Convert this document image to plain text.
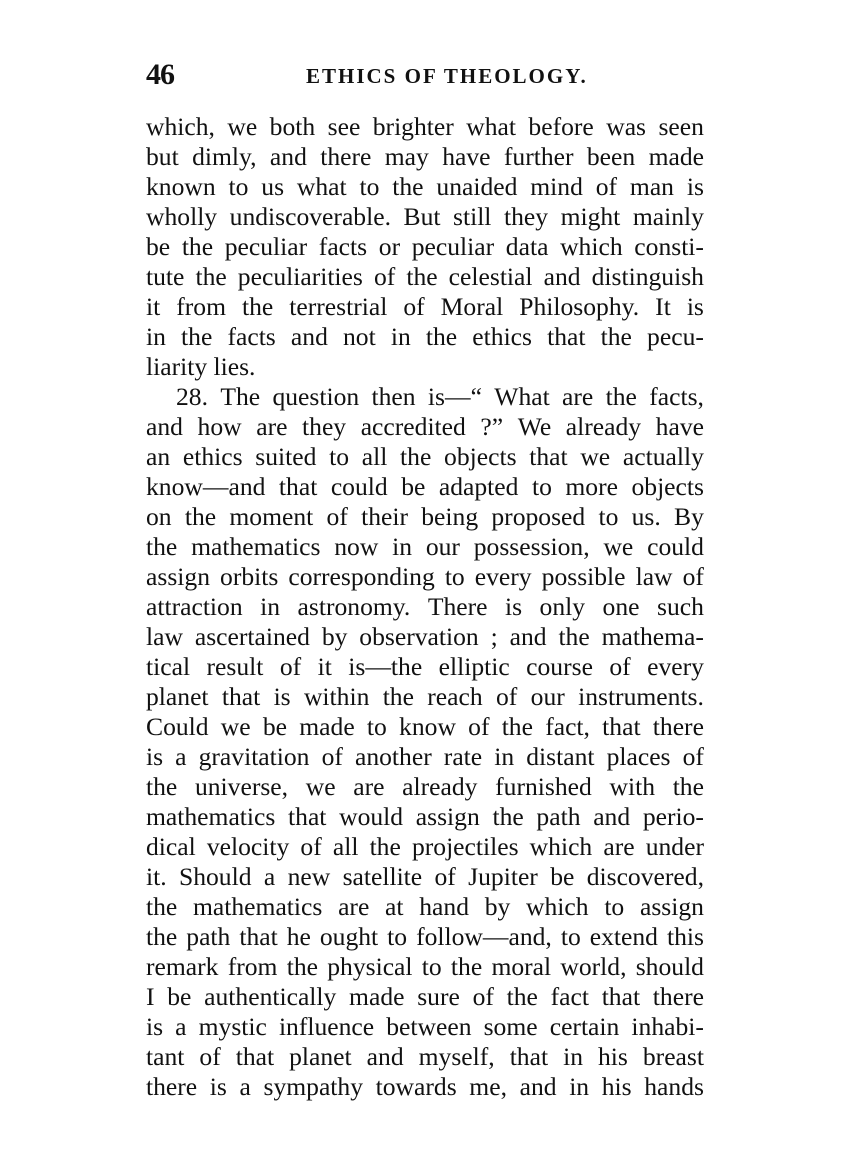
46	ETHICS OF THEOLOGY.
which, we both see brighter what before was seen
but dimly, and there may have further been made
known to us what to the unaided mind of man is
wholly undiscoverable. But still they might mainly
be the peculiar facts or peculiar data which consti-
tute the peculiarities of the celestial and distinguish
it from the terrestrial of Moral Philosophy. It is
in the facts and not in the ethics that the pecu-
liarity lies.
28. The question then is—“ What are the facts,
and how are they accredited ?” We already have
an ethics suited to all the objects that we actually
know—and that could be adapted to more objects
on the moment of their being proposed to us. By
the mathematics now in our possession, we could
assign orbits corresponding to every possible law of
attraction in astronomy. There is only one such
law ascertained by observation ; and the mathema-
tical result of it is—the elliptic course of every
planet that is within the reach of our instruments.
Could we be made to know of the fact, that there
is a gravitation of another rate in distant places of
the universe, we are already furnished with the
mathematics that would assign the path and perio-
dical velocity of all the projectiles which are under
it. Should a new satellite of Jupiter be discovered,
the mathematics are at hand by which to assign
the path that he ought to follow—and, to extend this
remark from the physical to the moral world, should
I be authentically made sure of the fact that there
is a mystic influence between some certain inhabi-
tant of that planet and myself, that in his breast
there is a sympathy towards me, and in his hands
